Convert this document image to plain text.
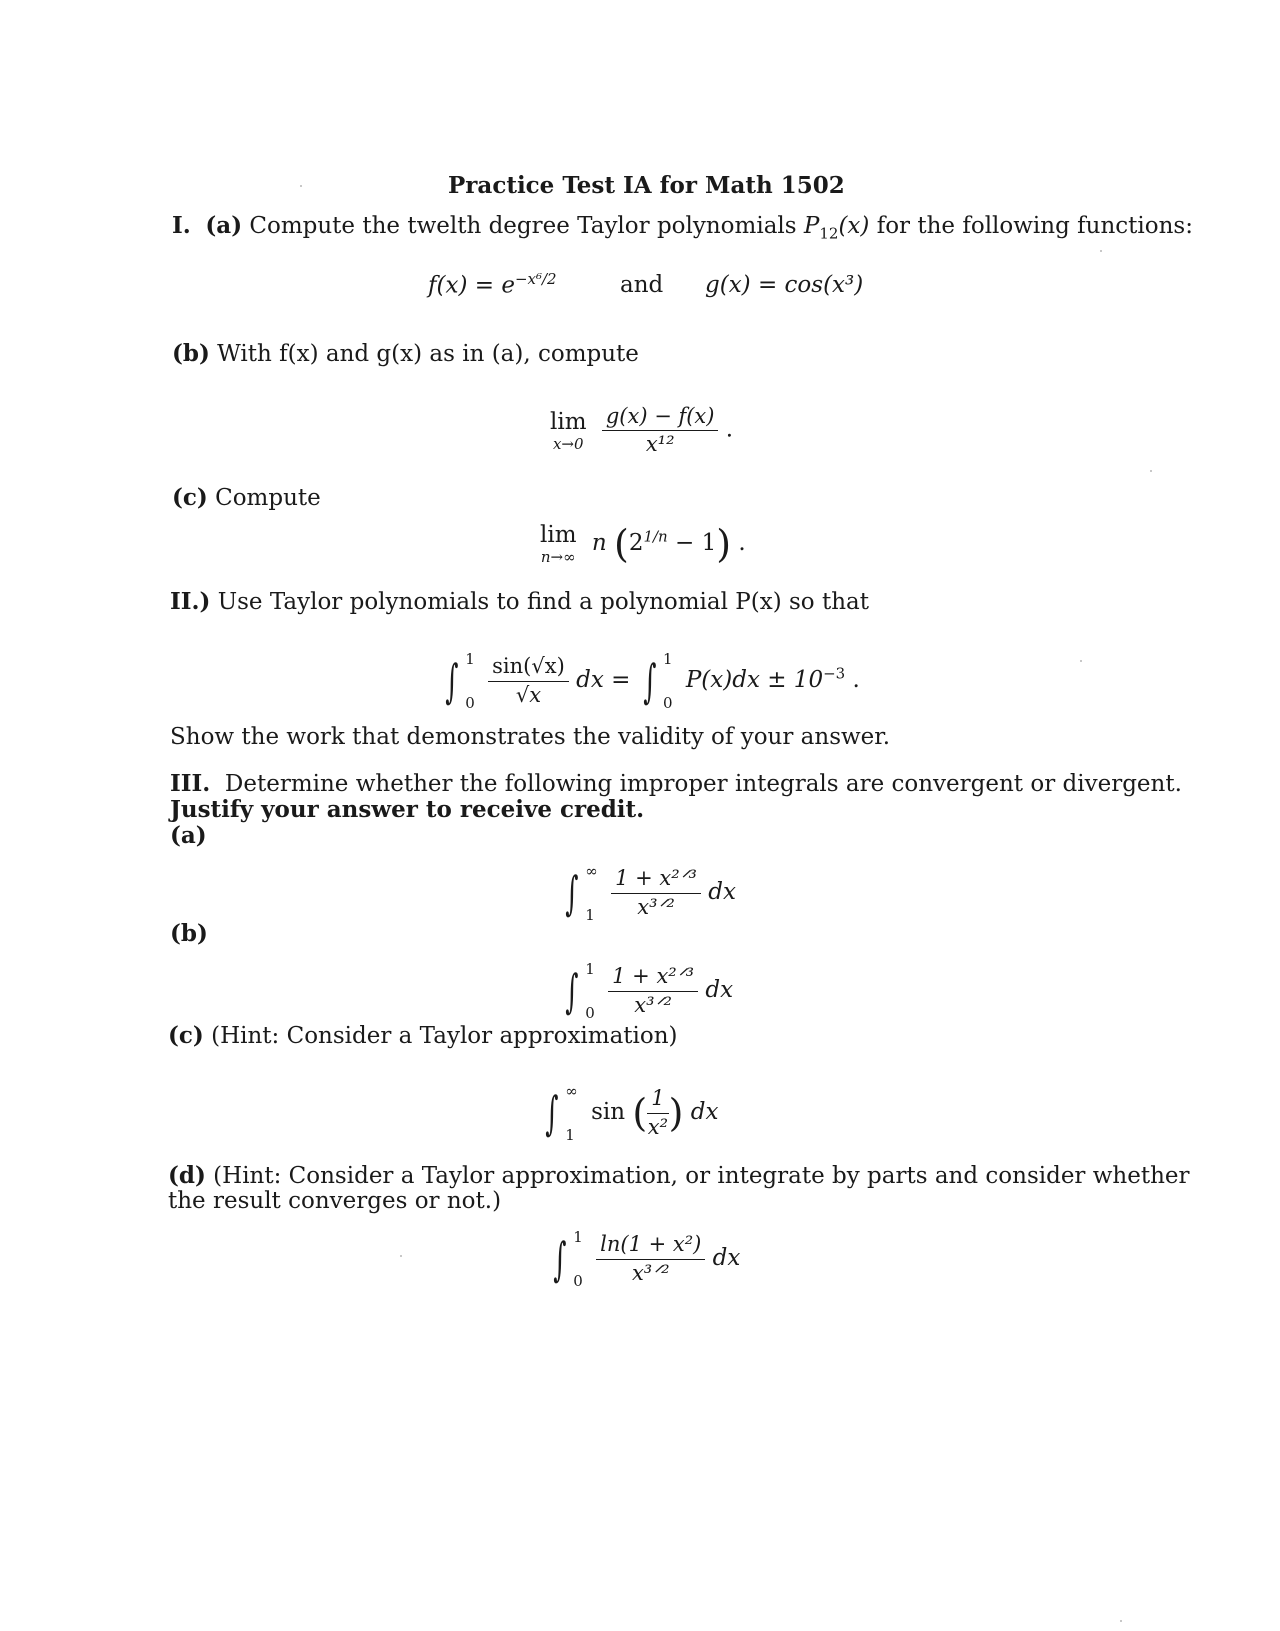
Practice Test IA for Math 1502
I. (a) Compute the twelth degree Taylor polynomials $P_{12}(x)$ for the following functions:
$f(x) = e^{-x^6/2}$	and g(x) = cos(x³)
(b) With f(x) and g(x) as in (a), compute
lim
x→0
$\frac{g(x) - f(x)}{\text{x¹²}}$ .
(c) Compute
lim
n→∞
n $(2^{1/n} - 1)$ .
II.) Use Taylor polynomials to find a polynomial P(x) so that
∫ 1
0
$\frac{\sin(√x)}{√x}$ dx = ∫ 1
0
$P(x)dx \pm 10^{-3}$ .
Show the work that demonstrates the validity of your answer.
III. Determine whether the following improper integrals are convergent or divergent.
Justify your answer to receive credit.
(a)
∫ ∞
1
$\frac{\text{1 + x²ᐟ³}}{\text{x³ᐟ²}}$ dx
(b)
∫ 1
0
$\frac{\text{1 + x²ᐟ³}}{\text{x³ᐟ²}}$ dx
(c) (Hint: Consider a Taylor approximation)
∫ ∞
1
sin ( $\frac{1}{\text{x²}}$ ) dx
(d) (Hint: Consider a Taylor approximation, or integrate by parts and consider whether
the result converges or not.)
∫ 1
0
$\frac{\text{ln(1 + x²)}}{\text{x³ᐟ²}}$ dx
